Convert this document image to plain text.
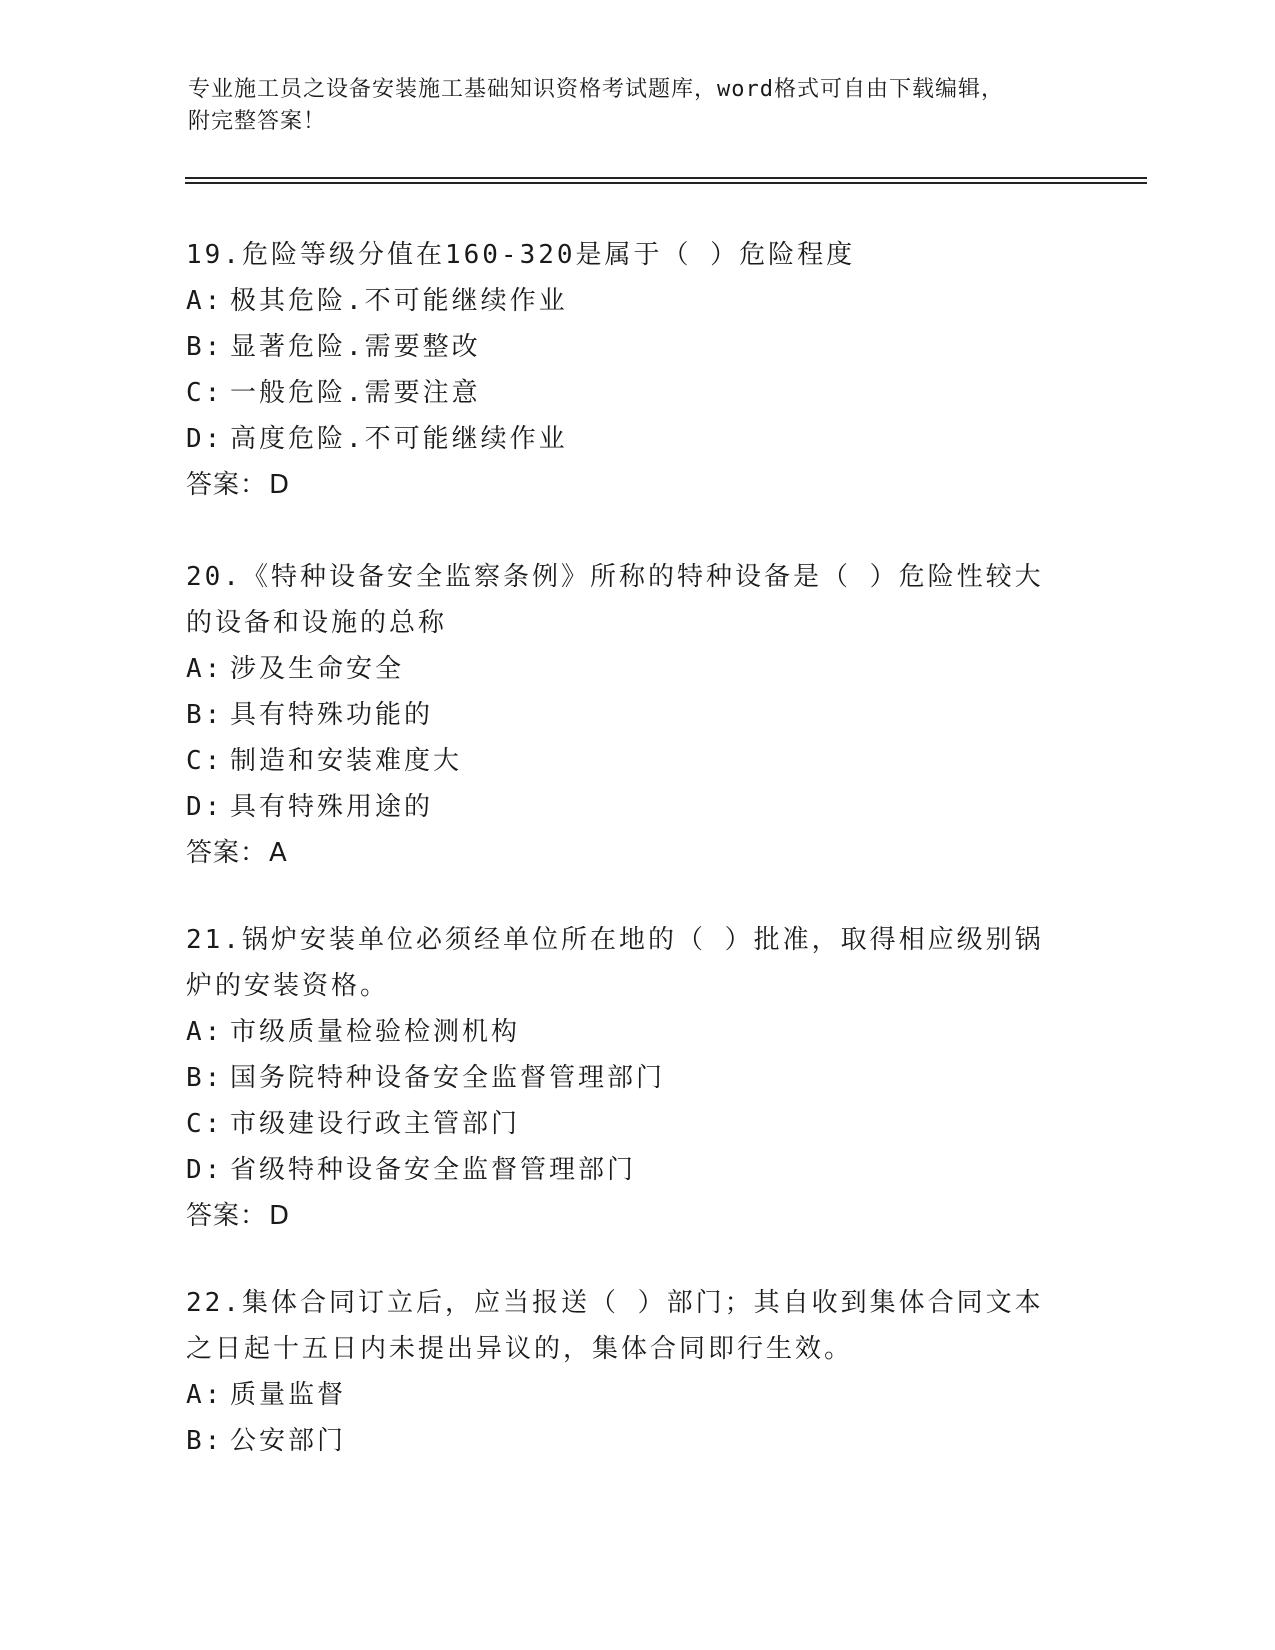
专业施工员之设备安装施工基础知识资格考试题库，word格式可自由下载编辑，
附完整答案！

19.危险等级分值在160-320是属于（ ）危险程度

A: 极其危险.不可能继续作业
B: 显著危险.需要整改
C: 一般危险.需要注意
D: 高度危险.不可能继续作业
答案：D

20.《特种设备安全监察条例》所称的特种设备是（ ）危险性较大的设备和设施的总称

A: 涉及生命安全
B: 具有特殊功能的
C: 制造和安装难度大
D: 具有特殊用途的
答案：A

21.锅炉安装单位必须经单位所在地的（ ）批准，取得相应级别锅炉的安装资格。

A: 市级质量检验检测机构
B: 国务院特种设备安全监督管理部门
C: 市级建设行政主管部门
D: 省级特种设备安全监督管理部门
答案：D

22.集体合同订立后，应当报送（ ）部门；其自收到集体合同文本之日起十五日内未提出异议的，集体合同即行生效。

A: 质量监督
B: 公安部门
